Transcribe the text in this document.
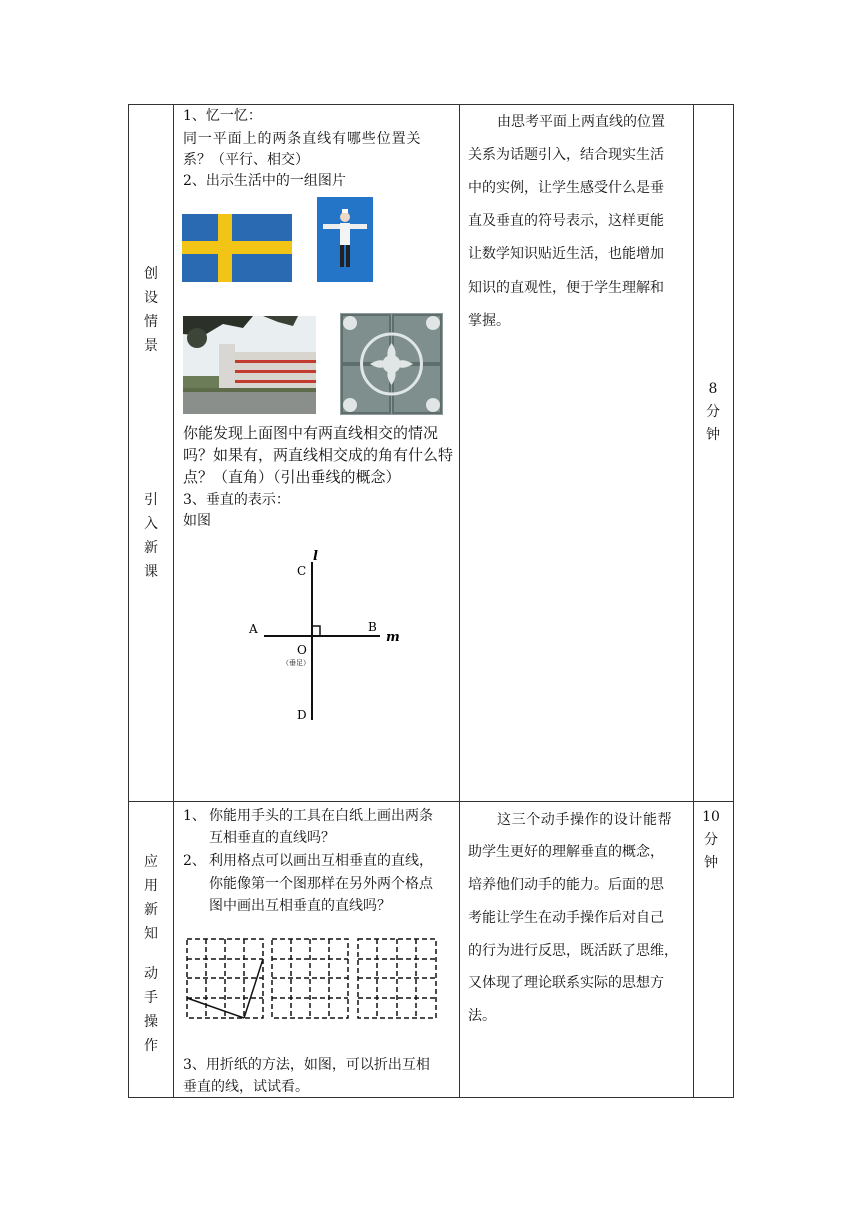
创
设
情
景
引
入
新
课
1、忆一忆：
同一平面上的两条直线有哪些位置关
系？（平行、相交）
2、出示生活中的一组图片
你能发现上面图中有两直线相交的情况
吗？如果有，两直线相交成的角有什么特
点？（直角）（引出垂线的概念）
3、垂直的表示：
如图
l
C
A	B
m
O
（垂足）
D
由思考平面上两直线的位置
关系为话题引入，结合现实生活
中的实例，让学生感受什么是垂
直及垂直的符号表示，这样更能
让数学知识贴近生活，也能增加
知识的直观性，便于学生理解和
掌握。
8
分
钟
应
用
新
知
动
手
操
作
1、 你能用手头的工具在白纸上画出两条
互相垂直的直线吗？
2、 利用格点可以画出互相垂直的直线，
你能像第一个图那样在另外两个格点
图中画出互相垂直的直线吗？
3、用折纸的方法，如图，可以折出互相
垂直的线，试试看。
这三个动手操作的设计能帮
助学生更好的理解垂直的概念，
培养他们动手的能力。后面的思
考能让学生在动手操作后对自己
的行为进行反思，既活跃了思维，
又体现了理论联系实际的思想方
法。
10
分
钟
